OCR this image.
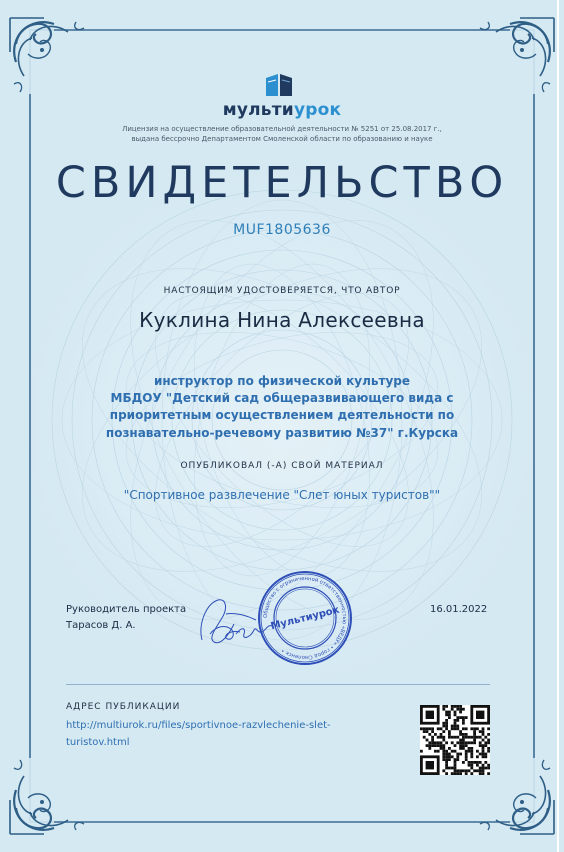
мультиурок
Лицензия на осуществление образовательной деятельности № 5251 от 25.08.2017 г.,
выдана бессрочно Департаментом Смоленской области по образованию и науке
СВИДЕТЕЛЬСТВО
MUF1805636
НАСТОЯЩИМ УДОСТОВЕРЯЕТСЯ, ЧТО АВТОР
Куклина Нина Алексеевна
инструктор по физической культуре
МБДОУ "Детский сад общеразвивающего вида с
приоритетным осуществлением деятельности по
познавательно-речевому развитию №37" г.Курска
ОПУБЛИКОВАЛ (-А) СВОЙ МАТЕРИАЛ
"Спортивное развлечение "Слет юных туристов""
Руководитель проекта
Тарасов Д. А.
16.01.2022
Общество с ограниченной ответственностью «ВЕДУ» • город Смоленск •
Мультиурок
АДРЕС ПУБЛИКАЦИИ
http://multiurok.ru/files/sportivnoe-razvlechenie-slet-
turistov.html
